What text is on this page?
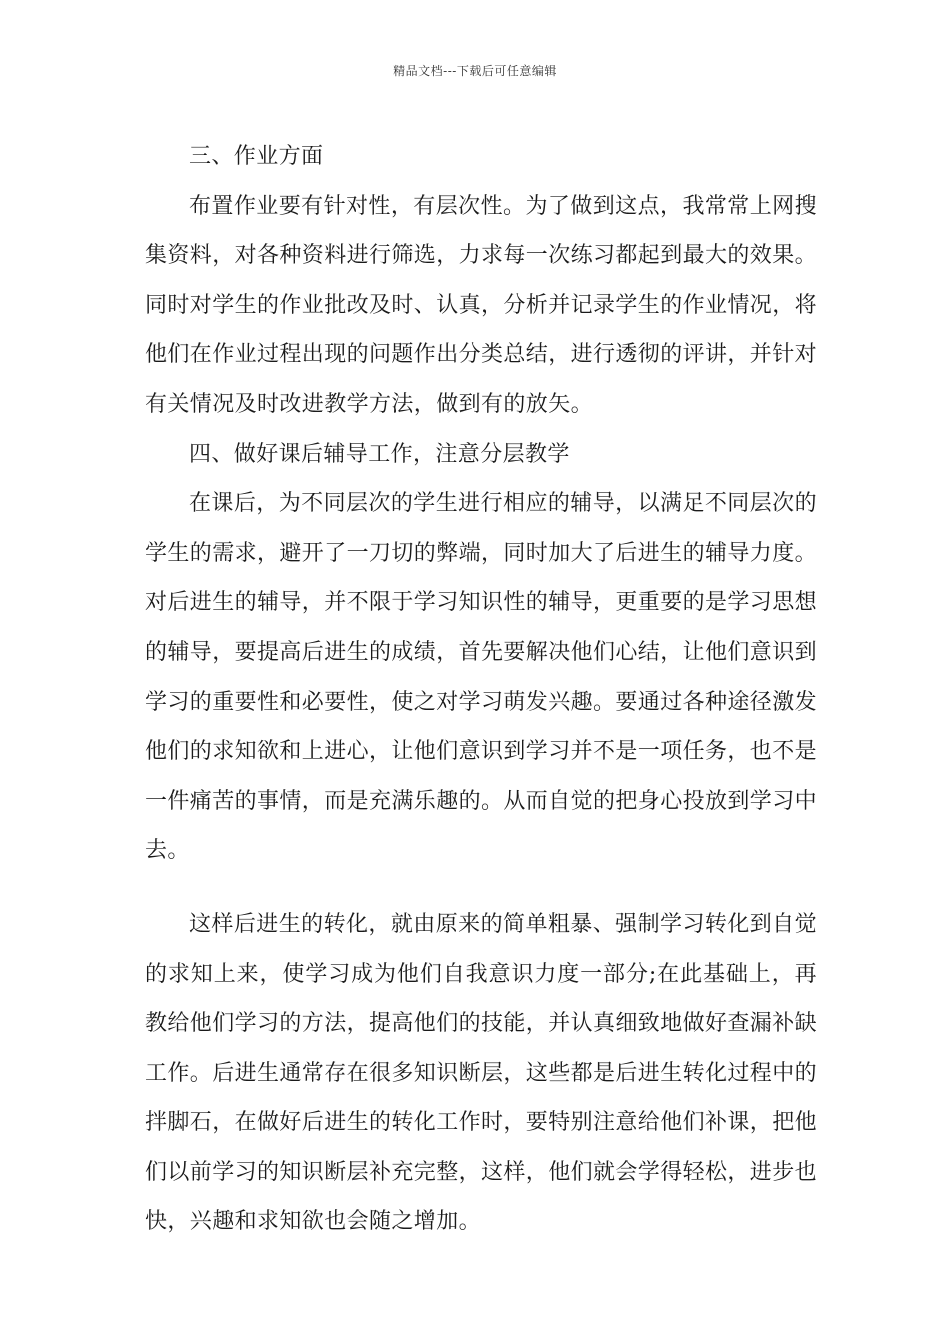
精品文档---下载后可任意编辑

三、作业方面

布置作业要有针对性，有层次性。为了做到这点，我常常上网搜集资料，对各种资料进行筛选，力求每一次练习都起到最大的效果。同时对学生的作业批改及时、认真，分析并记录学生的作业情况，将他们在作业过程出现的问题作出分类总结，进行透彻的评讲，并针对有关情况及时改进教学方法，做到有的放矢。

四、做好课后辅导工作，注意分层教学

在课后，为不同层次的学生进行相应的辅导，以满足不同层次的学生的需求，避开了一刀切的弊端，同时加大了后进生的辅导力度。对后进生的辅导，并不限于学习知识性的辅导，更重要的是学习思想的辅导，要提高后进生的成绩，首先要解决他们心结，让他们意识到学习的重要性和必要性，使之对学习萌发兴趣。要通过各种途径激发他们的求知欲和上进心，让他们意识到学习并不是一项任务，也不是一件痛苦的事情，而是充满乐趣的。从而自觉的把身心投放到学习中去。

这样后进生的转化，就由原来的简单粗暴、强制学习转化到自觉的求知上来，使学习成为他们自我意识力度一部分;在此基础上，再教给他们学习的方法，提高他们的技能，并认真细致地做好查漏补缺工作。后进生通常存在很多知识断层，这些都是后进生转化过程中的拌脚石，在做好后进生的转化工作时，要特别注意给他们补课，把他们以前学习的知识断层补充完整，这样，他们就会学得轻松，进步也快，兴趣和求知欲也会随之增加。
